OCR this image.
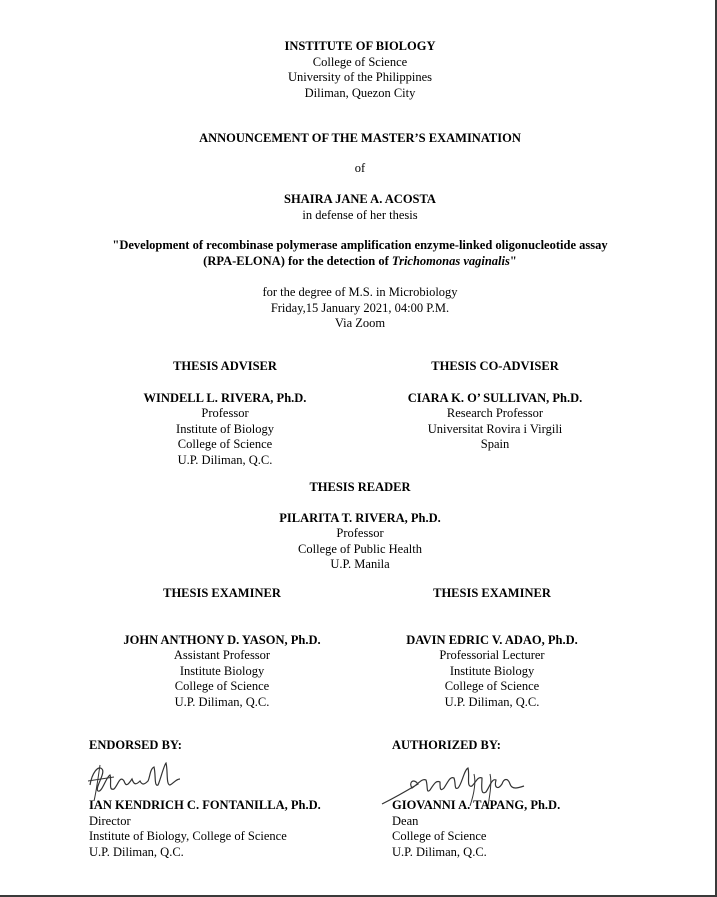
INSTITUTE OF BIOLOGY
College of Science
University of the Philippines
Diliman, Quezon City
ANNOUNCEMENT OF THE MASTER’S EXAMINATION
of
SHAIRA JANE A. ACOSTA
in defense of her thesis
"Development of recombinase polymerase amplification enzyme-linked oligonucleotide assay
(RPA-ELONA) for the detection of Trichomonas vaginalis"
for the degree of M.S. in Microbiology
Friday,15 January 2021, 04:00 P.M.
Via Zoom
THESIS ADVISER
WINDELL L. RIVERA, Ph.D.
Professor
Institute of Biology
College of Science
U.P. Diliman, Q.C.
THESIS CO-ADVISER
CIARA K. O’ SULLIVAN, Ph.D.
Research Professor
Universitat Rovira i Virgili
Spain
THESIS READER
PILARITA T. RIVERA, Ph.D.
Professor
College of Public Health
U.P. Manila
THESIS EXAMINER
JOHN ANTHONY D. YASON, Ph.D.
Assistant Professor
Institute Biology
College of Science
U.P. Diliman, Q.C.
THESIS EXAMINER
DAVIN EDRIC V. ADAO, Ph.D.
Professorial Lecturer
Institute Biology
College of Science
U.P. Diliman, Q.C.
ENDORSED BY:
IAN KENDRICH C. FONTANILLA, Ph.D.
Director
Institute of Biology, College of Science
U.P. Diliman, Q.C.
AUTHORIZED BY:
GIOVANNI A. TAPANG, Ph.D.
Dean
College of Science
U.P. Diliman, Q.C.
